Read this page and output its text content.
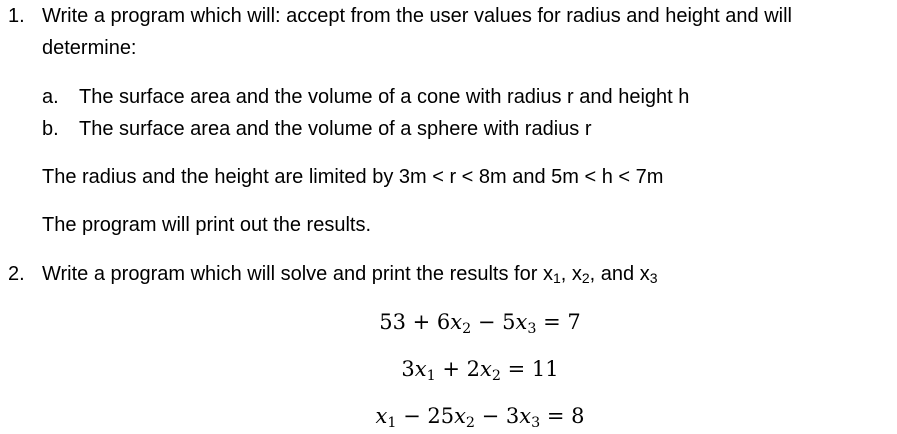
1. Write a program which will: accept from the user values for radius and height and will
determine:
a. The surface area and the volume of a cone with radius r and height h
b. The surface area and the volume of a sphere with radius r
The radius and the height are limited by 3m < r < 8m and 5m < h < 7m
The program will print out the results.
2. Write a program which will solve and print the results for $x_1$, $x_2$, and $x_3$
$53 + 6x_2 - 5x_3 = 7$
$3x_1 + 2x_2 = 11$
$x_1 - 25x_2 - 3x_3 = 8$
